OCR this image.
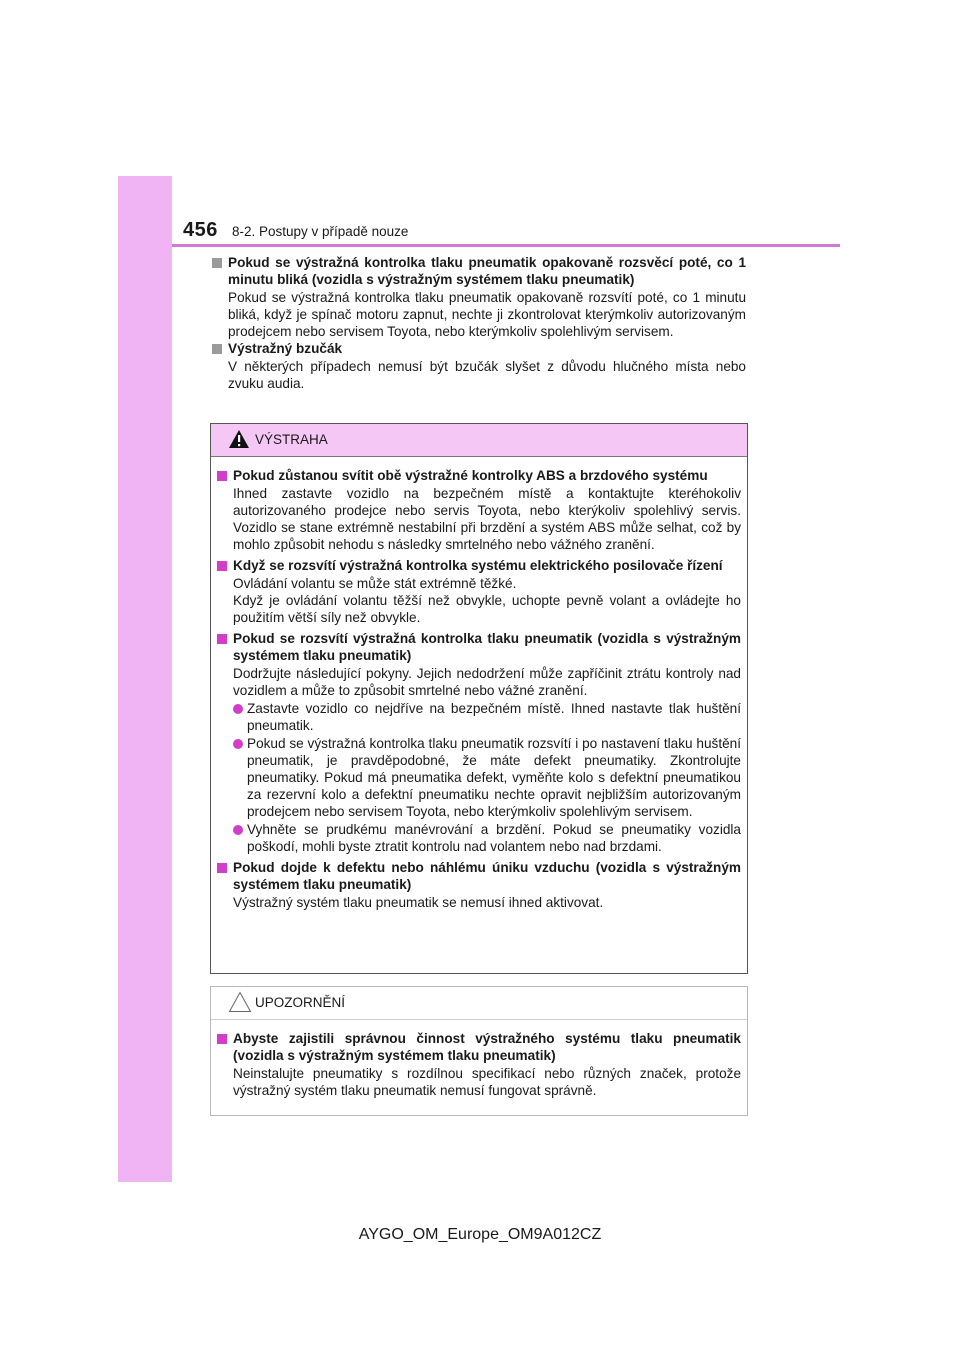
456 8-2. Postupy v případě nouze
Pokud se výstražná kontrolka tlaku pneumatik opakovaně rozsvěcí poté, co 1 minutu bliká (vozidla s výstražným systémem tlaku pneumatik)
Pokud se výstražná kontrolka tlaku pneumatik opakovaně rozsvítí poté, co 1 minutu bliká, když je spínač motoru zapnut, nechte ji zkontrolovat kterýmkoliv autorizovaným prodejcem nebo servisem Toyota, nebo kterýmkoliv spolehlivým servisem.
Výstražný bzučák
V některých případech nemusí být bzučák slyšet z důvodu hlučného místa nebo zvuku audia.
VÝSTRAHA
Pokud zůstanou svítit obě výstražné kontrolky ABS a brzdového systému
Ihned zastavte vozidlo na bezpečném místě a kontaktujte kteréhokoliv autorizovaného prodejce nebo servis Toyota, nebo kterýkoliv spolehlivý servis. Vozidlo se stane extrémně nestabilní při brzdění a systém ABS může selhat, což by mohlo způsobit nehodu s následky smrtelného nebo vážného zranění.
Když se rozsvítí výstražná kontrolka systému elektrického posilovače řízení
Ovládání volantu se může stát extrémně těžké.
Když je ovládání volantu těžší než obvykle, uchopte pevně volant a ovládejte ho použitím větší síly než obvykle.
Pokud se rozsvítí výstražná kontrolka tlaku pneumatik (vozidla s výstražným systémem tlaku pneumatik)
Dodržujte následující pokyny. Jejich nedodržení může zapříčinit ztrátu kontroly nad vozidlem a může to způsobit smrtelné nebo vážné zranění.
Zastavte vozidlo co nejdříve na bezpečném místě. Ihned nastavte tlak huštění pneumatik.
Pokud se výstražná kontrolka tlaku pneumatik rozsvítí i po nastavení tlaku huštění pneumatik, je pravděpodobné, že máte defekt pneumatiky. Zkontrolujte pneumatiky. Pokud má pneumatika defekt, vyměňte kolo s defektní pneumatikou za rezervní kolo a defektní pneumatiku nechte opravit nejbližším autorizovaným prodejcem nebo servisem Toyota, nebo kterýmkoliv spolehlivým servisem.
Vyhněte se prudkému manévrování a brzdění. Pokud se pneumatiky vozidla poškodí, mohli byste ztratit kontrolu nad volantem nebo nad brzdami.
Pokud dojde k defektu nebo náhlému úniku vzduchu (vozidla s výstražným systémem tlaku pneumatik)
Výstražný systém tlaku pneumatik se nemusí ihned aktivovat.
UPOZORNĚNÍ
Abyste zajistili správnou činnost výstražného systému tlaku pneumatik (vozidla s výstražným systémem tlaku pneumatik)
Neinstalujte pneumatiky s rozdílnou specifikací nebo různých značek, protože výstražný systém tlaku pneumatik nemusí fungovat správně.
AYGO_OM_Europe_OM9A012CZ
